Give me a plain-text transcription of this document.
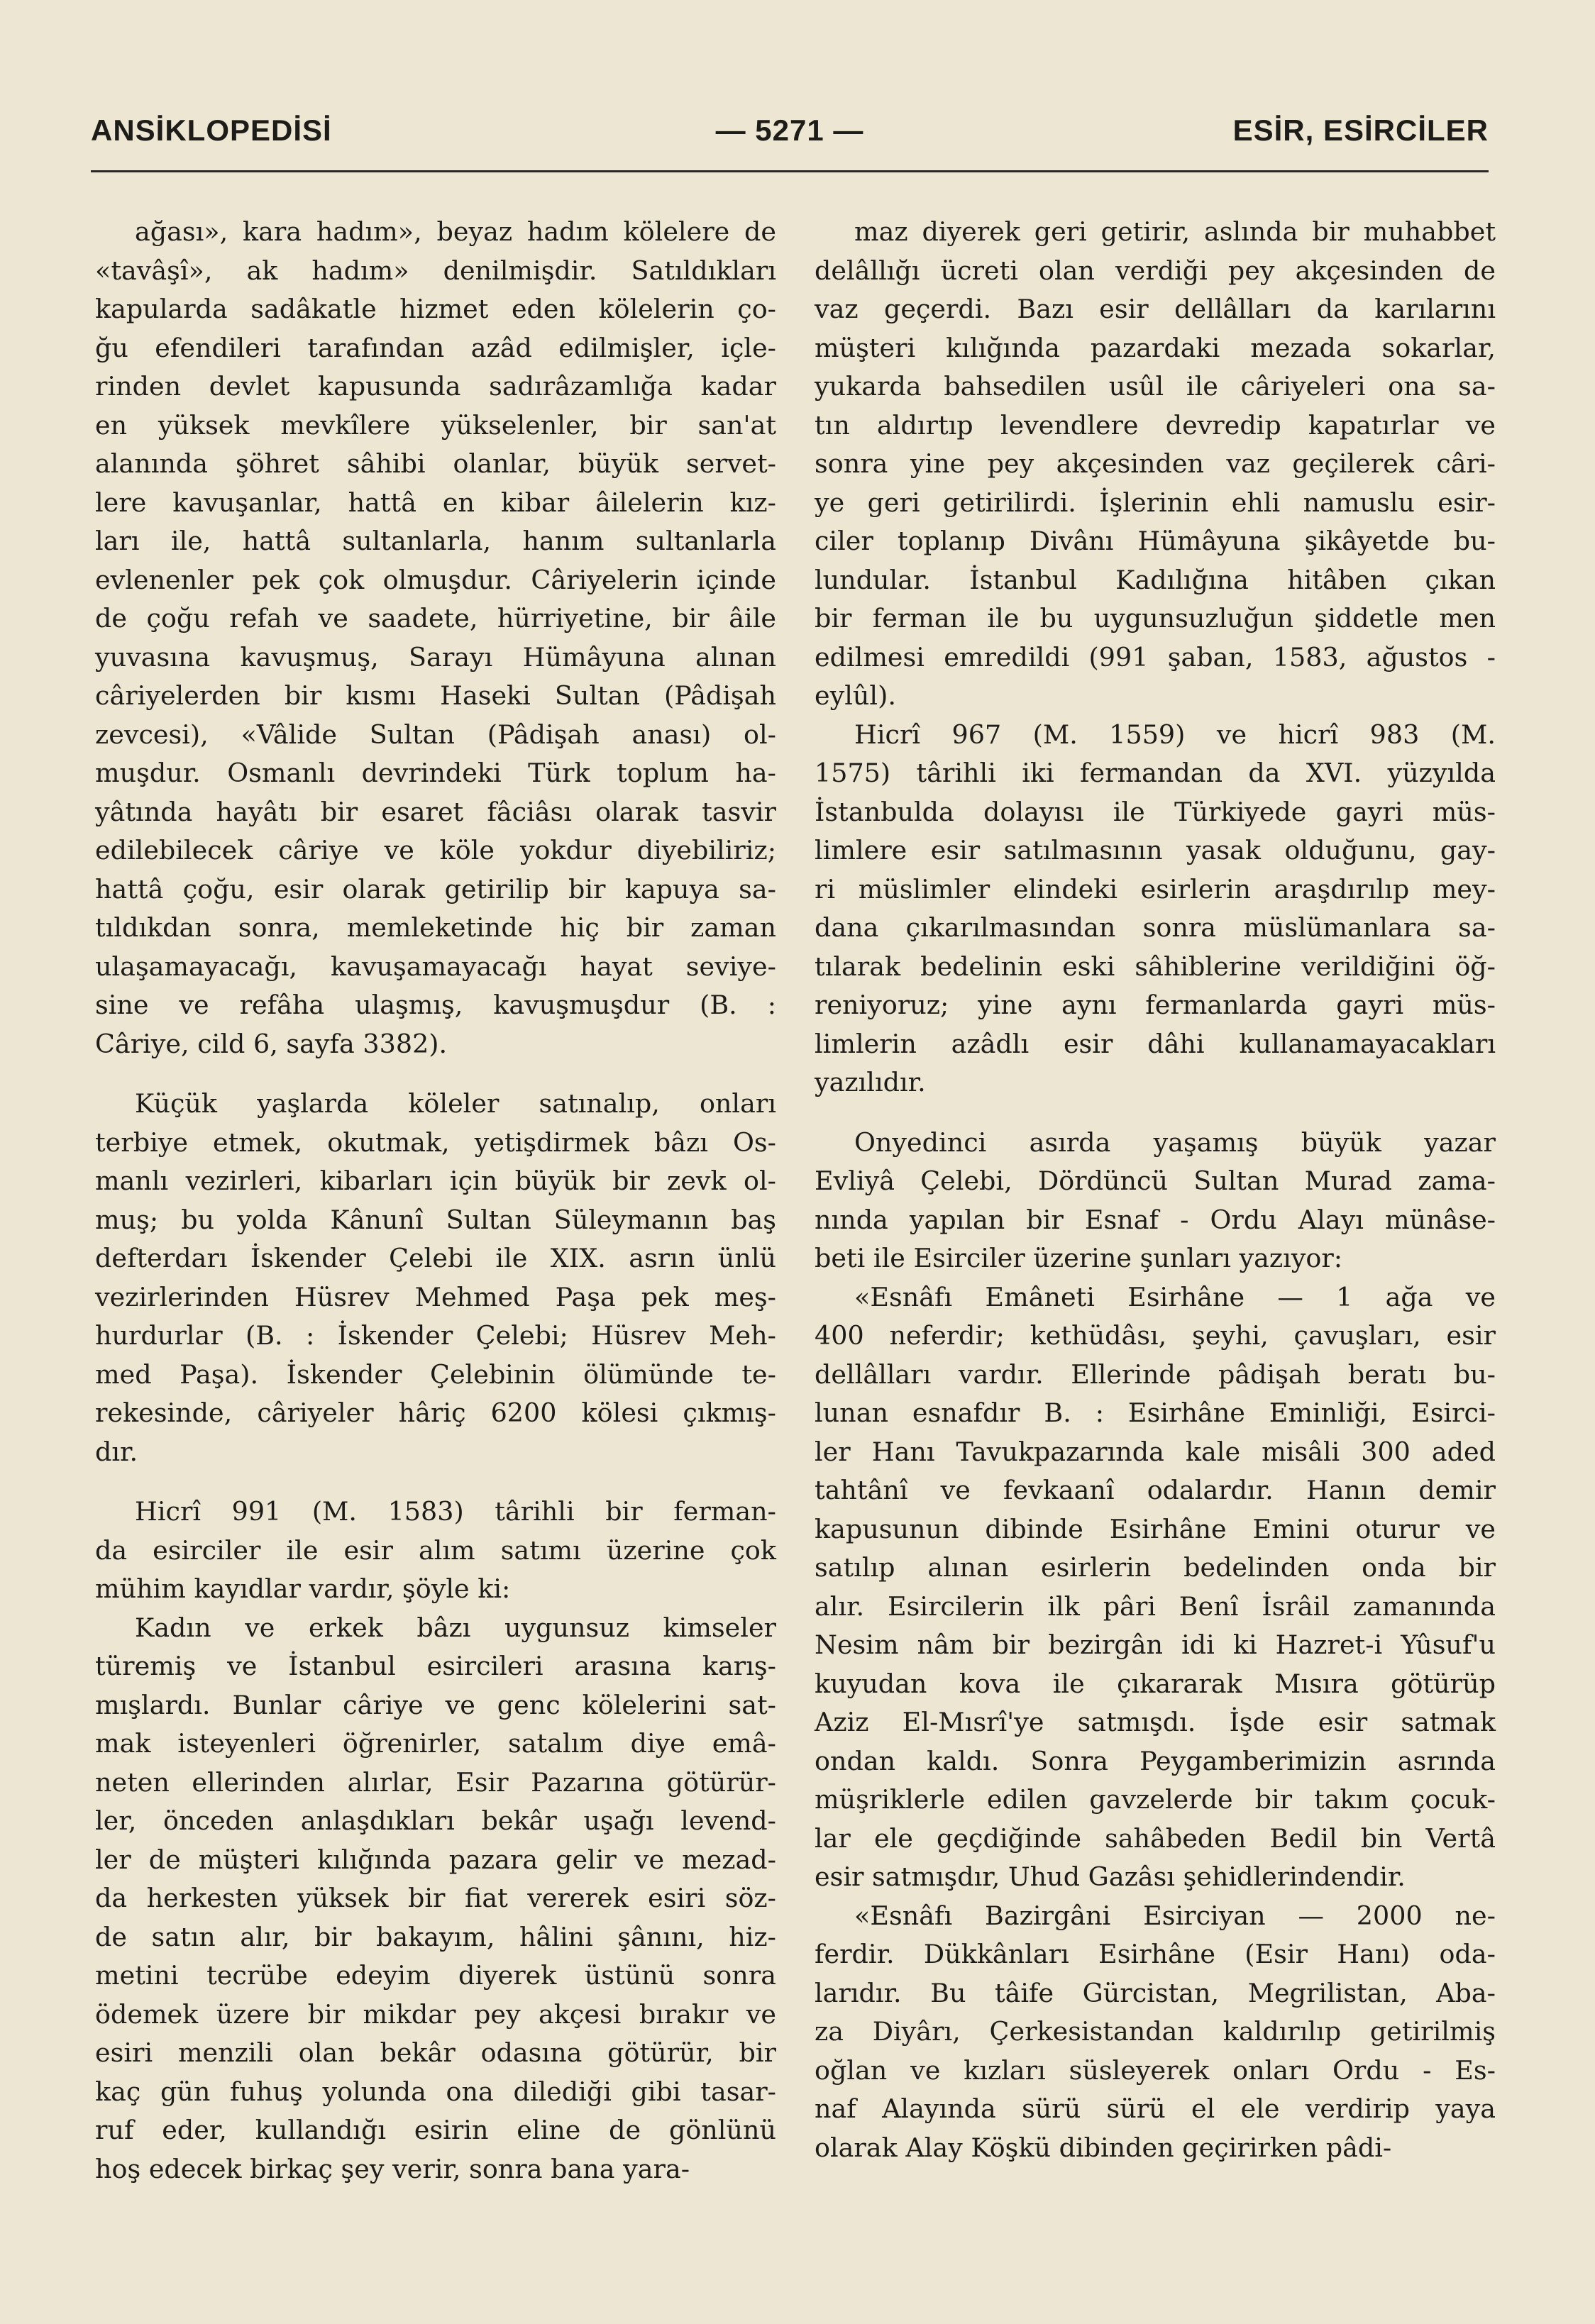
ANSİKLOPEDİSİ	— 5271 —	ESİR, ESİRCİLER
ağası», kara hadım», beyaz hadım kölelere de
«tavâşî», ak hadım» denilmişdir. Satıldıkları
kapularda sadâkatle hizmet eden kölelerin ço-
ğu efendileri tarafından azâd edilmişler, içle-
rinden devlet kapusunda sadırâzamlığa kadar
en yüksek mevkîlere yükselenler, bir san'at
alanında şöhret sâhibi olanlar, büyük servet-
lere kavuşanlar, hattâ en kibar âilelerin kız-
ları ile, hattâ sultanlarla, hanım sultanlarla
evlenenler pek çok olmuşdur. Câriyelerin içinde
de çoğu refah ve saadete, hürriyetine, bir âile
yuvasına kavuşmuş, Sarayı Hümâyuna alınan
câriyelerden bir kısmı Haseki Sultan (Pâdişah
zevcesi), «Vâlide Sultan (Pâdişah anası) ol-
muşdur. Osmanlı devrindeki Türk toplum ha-
yâtında hayâtı bir esaret fâciâsı olarak tasvir
edilebilecek câriye ve köle yokdur diyebiliriz;
hattâ çoğu, esir olarak getirilip bir kapuya sa-
tıldıkdan sonra, memleketinde hiç bir zaman
ulaşamayacağı, kavuşamayacağı hayat seviye-
sine ve refâha ulaşmış, kavuşmuşdur (B. :
Câriye, cild 6, sayfa 3382).
Küçük yaşlarda köleler satınalıp, onları
terbiye etmek, okutmak, yetişdirmek bâzı Os-
manlı vezirleri, kibarları için büyük bir zevk ol-
muş; bu yolda Kânunî Sultan Süleymanın baş
defterdarı İskender Çelebi ile XIX. asrın ünlü
vezirlerinden Hüsrev Mehmed Paşa pek meş-
hurdurlar (B. : İskender Çelebi; Hüsrev Meh-
med Paşa). İskender Çelebinin ölümünde te-
rekesinde, câriyeler hâriç 6200 kölesi çıkmış-
dır.
Hicrî 991 (M. 1583) târihli bir ferman-
da esirciler ile esir alım satımı üzerine çok
mühim kayıdlar vardır, şöyle ki:
Kadın ve erkek bâzı uygunsuz kimseler
türemiş ve İstanbul esircileri arasına karış-
mışlardı. Bunlar câriye ve genc kölelerini sat-
mak isteyenleri öğrenirler, satalım diye emâ-
neten ellerinden alırlar, Esir Pazarına götürür-
ler, önceden anlaşdıkları bekâr uşağı levend-
ler de müşteri kılığında pazara gelir ve mezad-
da herkesten yüksek bir fiat vererek esiri söz-
de satın alır, bir bakayım, hâlini şânını, hiz-
metini tecrübe edeyim diyerek üstünü sonra
ödemek üzere bir mikdar pey akçesi bırakır ve
esiri menzili olan bekâr odasına götürür, bir
kaç gün fuhuş yolunda ona dilediği gibi tasar-
ruf eder, kullandığı esirin eline de gönlünü
hoş edecek birkaç şey verir, sonra bana yara-
maz diyerek geri getirir, aslında bir muhabbet
delâllığı ücreti olan verdiği pey akçesinden de
vaz geçerdi. Bazı esir dellâlları da karılarını
müşteri kılığında pazardaki mezada sokarlar,
yukarda bahsedilen usûl ile câriyeleri ona sa-
tın aldırtıp levendlere devredip kapatırlar ve
sonra yine pey akçesinden vaz geçilerek câri-
ye geri getirilirdi. İşlerinin ehli namuslu esir-
ciler toplanıp Divânı Hümâyuna şikâyetde bu-
lundular. İstanbul Kadılığına hitâben çıkan
bir ferman ile bu uygunsuzluğun şiddetle men
edilmesi emredildi (991 şaban, 1583, ağustos -
eylûl).
Hicrî 967 (M. 1559) ve hicrî 983 (M.
1575) târihli iki fermandan da XVI. yüzyılda
İstanbulda dolayısı ile Türkiyede gayri müs-
limlere esir satılmasının yasak olduğunu, gay-
ri müslimler elindeki esirlerin araşdırılıp mey-
dana çıkarılmasından sonra müslümanlara sa-
tılarak bedelinin eski sâhiblerine verildiğini öğ-
reniyoruz; yine aynı fermanlarda gayri müs-
limlerin azâdlı esir dâhi kullanamayacakları
yazılıdır.
Onyedinci asırda yaşamış büyük yazar
Evliyâ Çelebi, Dördüncü Sultan Murad zama-
nında yapılan bir Esnaf - Ordu Alayı münâse-
beti ile Esirciler üzerine şunları yazıyor:
«Esnâfı Emâneti Esirhâne — 1 ağa ve
400 neferdir; kethüdâsı, şeyhi, çavuşları, esir
dellâlları vardır. Ellerinde pâdişah beratı bu-
lunan esnafdır B. : Esirhâne Eminliği, Esirci-
ler Hanı Tavukpazarında kale misâli 300 aded
tahtânî ve fevkaanî odalardır. Hanın demir
kapusunun dibinde Esirhâne Emini oturur ve
satılıp alınan esirlerin bedelinden onda bir
alır. Esircilerin ilk pâri Benî İsrâil zamanında
Nesim nâm bir bezirgân idi ki Hazret-i Yûsuf'u
kuyudan kova ile çıkararak Mısıra götürüp
Aziz El-Mısrî'ye satmışdı. İşde esir satmak
ondan kaldı. Sonra Peygamberimizin asrında
müşriklerle edilen gavzelerde bir takım çocuk-
lar ele geçdiğinde sahâbeden Bedil bin Vertâ
esir satmışdır, Uhud Gazâsı şehidlerindendir.
«Esnâfı Bazirgâni Esirciyan — 2000 ne-
ferdir. Dükkânları Esirhâne (Esir Hanı) oda-
larıdır. Bu tâife Gürcistan, Megrilistan, Aba-
za Diyârı, Çerkesistandan kaldırılıp getirilmiş
oğlan ve kızları süsleyerek onları Ordu - Es-
naf Alayında sürü sürü el ele verdirip yaya
olarak Alay Köşkü dibinden geçirirken pâdi-
